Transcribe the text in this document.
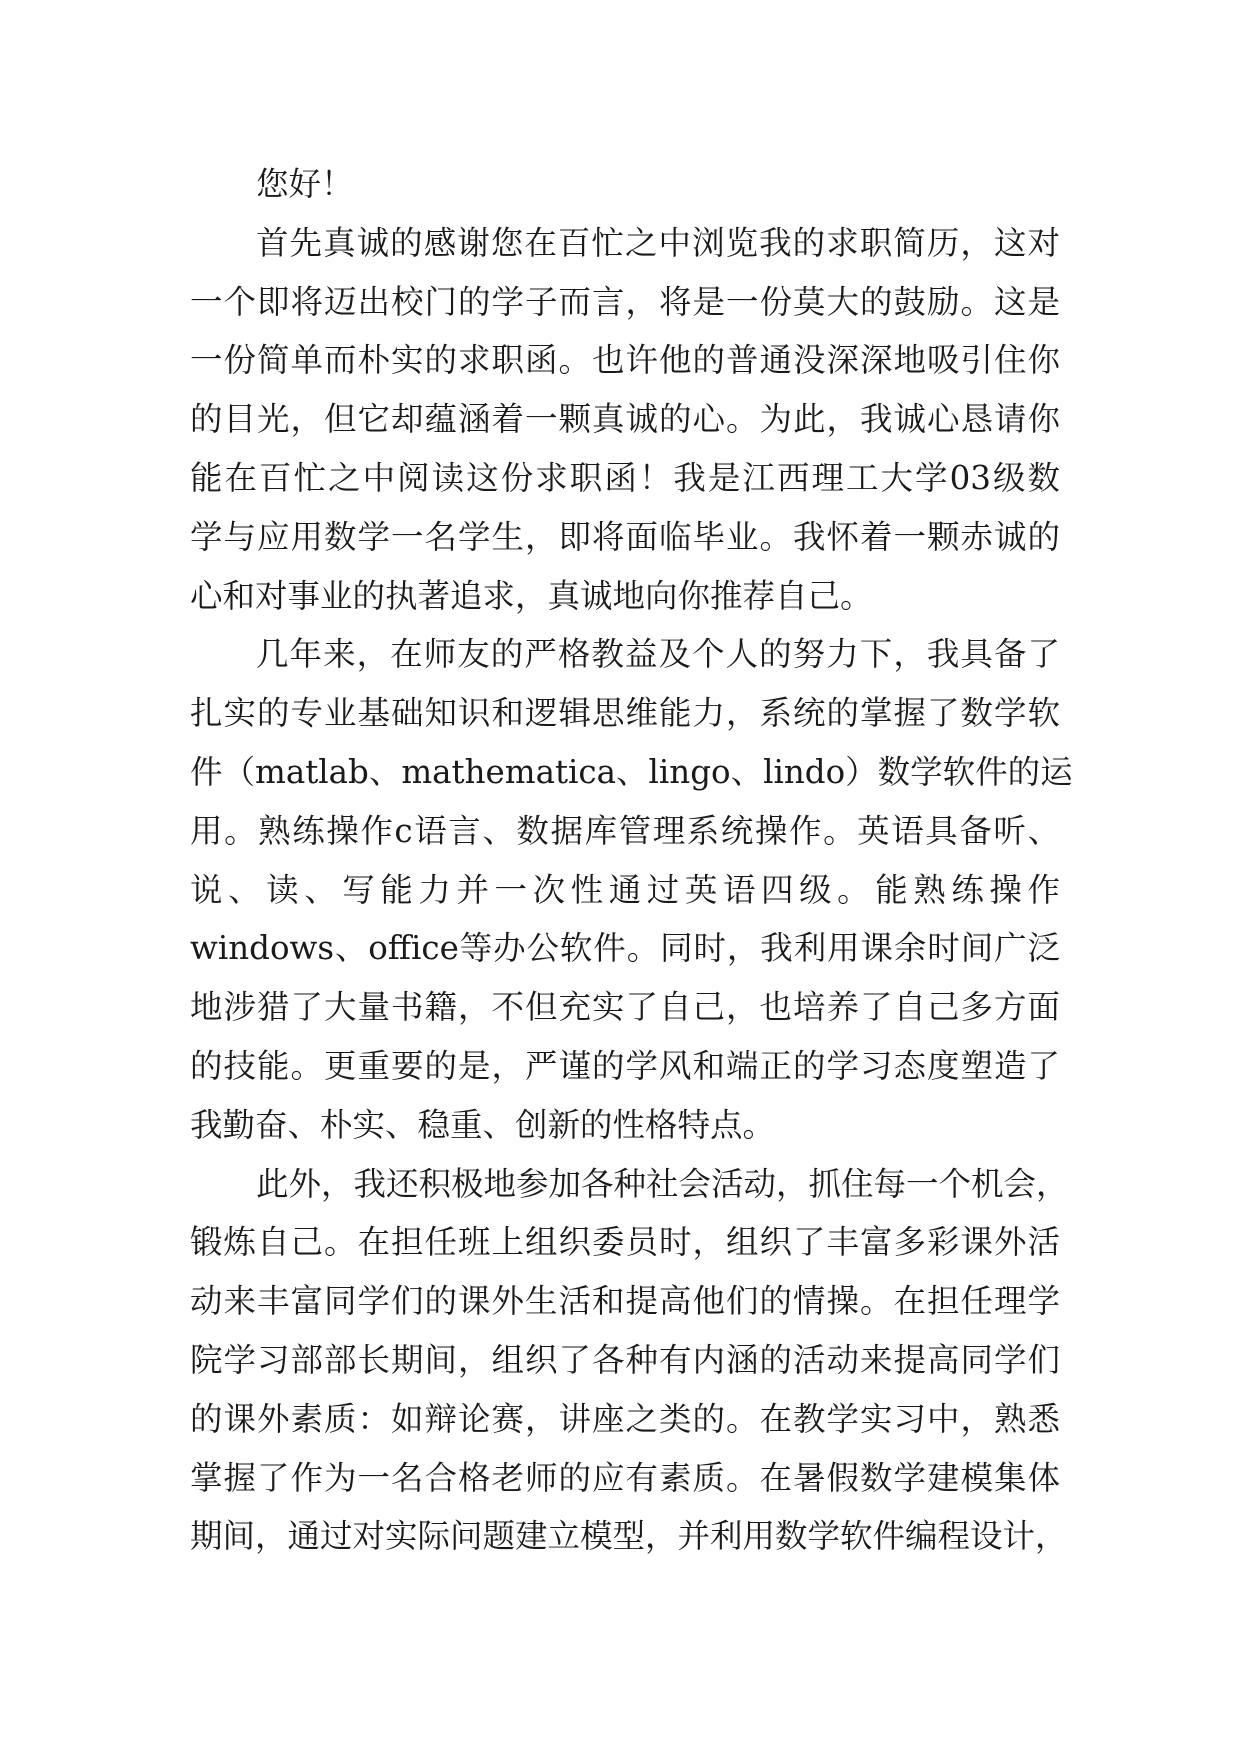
您好！
首先真诚的感谢您在百忙之中浏览我的求职简历，这对
一个即将迈出校门的学子而言，将是一份莫大的鼓励。这是
一份简单而朴实的求职函。也许他的普通没深深地吸引住你
的目光，但它却蕴涵着一颗真诚的心。为此，我诚心恳请你
能在百忙之中阅读这份求职函！我是江西理工大学03级数
学与应用数学一名学生，即将面临毕业。我怀着一颗赤诚的
心和对事业的执著追求，真诚地向你推荐自己。
几年来，在师友的严格教益及个人的努力下，我具备了
扎实的专业基础知识和逻辑思维能力，系统的掌握了数学软
件（matlab、mathematica、lingo、lindo）数学软件的运
用。熟练操作c语言、数据库管理系统操作。英语具备听、
说、读、写能力并一次性通过英语四级。能熟练操作
windows、office等办公软件。同时，我利用课余时间广泛
地涉猎了大量书籍，不但充实了自己，也培养了自己多方面
的技能。更重要的是，严谨的学风和端正的学习态度塑造了
我勤奋、朴实、稳重、创新的性格特点。
此外，我还积极地参加各种社会活动，抓住每一个机会，
锻炼自己。在担任班上组织委员时，组织了丰富多彩课外活
动来丰富同学们的课外生活和提高他们的情操。在担任理学
院学习部部长期间，组织了各种有内涵的活动来提高同学们
的课外素质：如辩论赛，讲座之类的。在教学实习中，熟悉
掌握了作为一名合格老师的应有素质。在暑假数学建模集体
期间，通过对实际问题建立模型，并利用数学软件编程设计，
